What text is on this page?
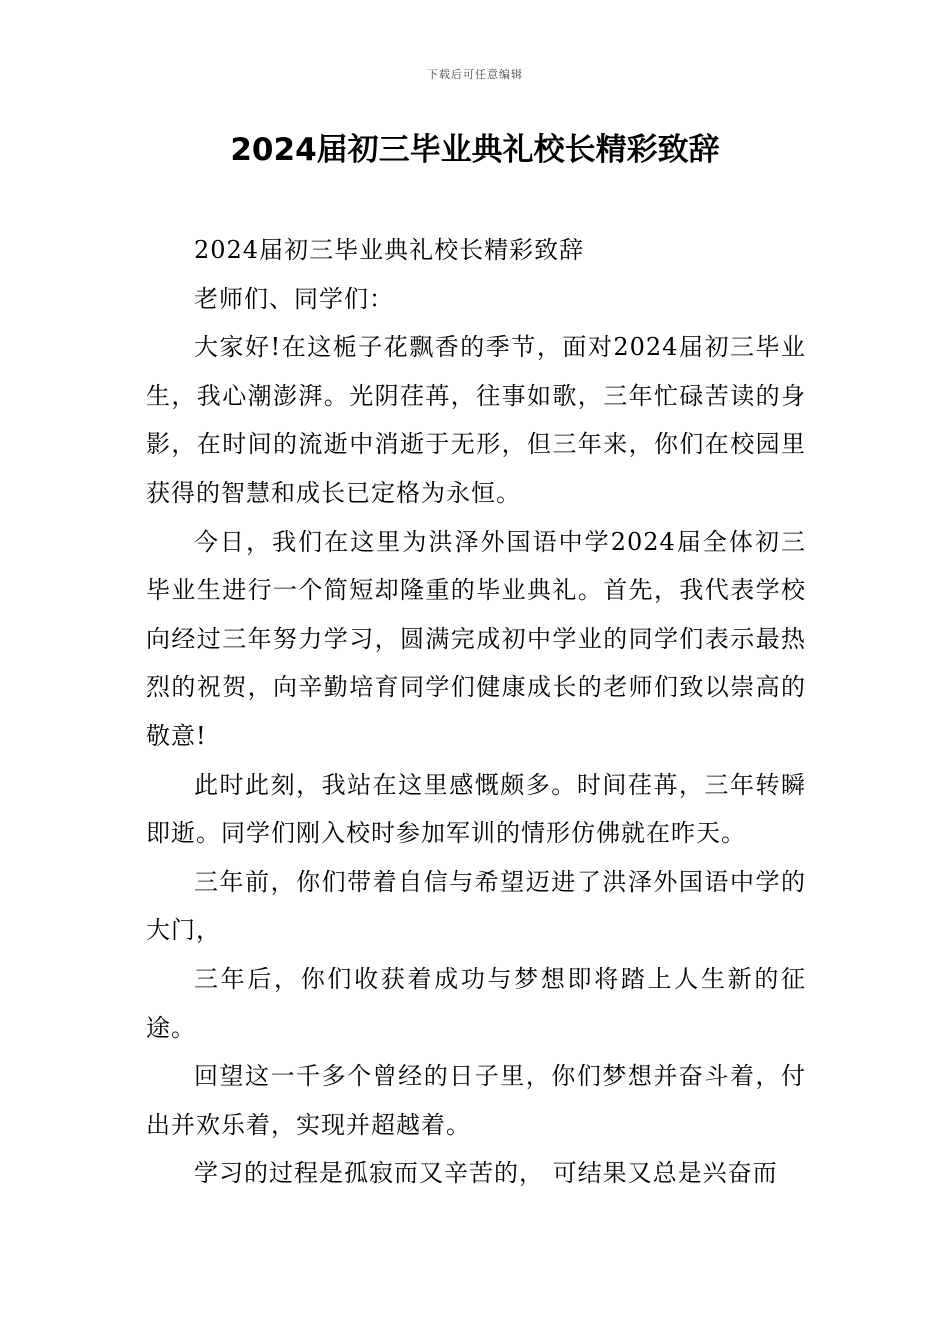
下载后可任意编辑
2024届初三毕业典礼校长精彩致辞

2024届初三毕业典礼校长精彩致辞

老师们、同学们：

大家好!在这栀子花飘香的季节，面对2024届初三毕业生，我心潮澎湃。光阴荏苒，往事如歌，三年忙碌苦读的身影，在时间的流逝中消逝于无形，但三年来，你们在校园里获得的智慧和成长已定格为永恒。

今日，我们在这里为洪泽外国语中学2024届全体初三毕业生进行一个简短却隆重的毕业典礼。首先，我代表学校向经过三年努力学习，圆满完成初中学业的同学们表示最热烈的祝贺，向辛勤培育同学们健康成长的老师们致以崇高的敬意!

此时此刻，我站在这里感慨颇多。时间荏苒，三年转瞬即逝。同学们刚入校时参加军训的情形仿佛就在昨天。

三年前，你们带着自信与希望迈进了洪泽外国语中学的大门，

三年后，你们收获着成功与梦想即将踏上人生新的征途。

回望这一千多个曾经的日子里，你们梦想并奋斗着，付出并欢乐着，实现并超越着。

学习的过程是孤寂而又辛苦的， 可结果又总是兴奋而
